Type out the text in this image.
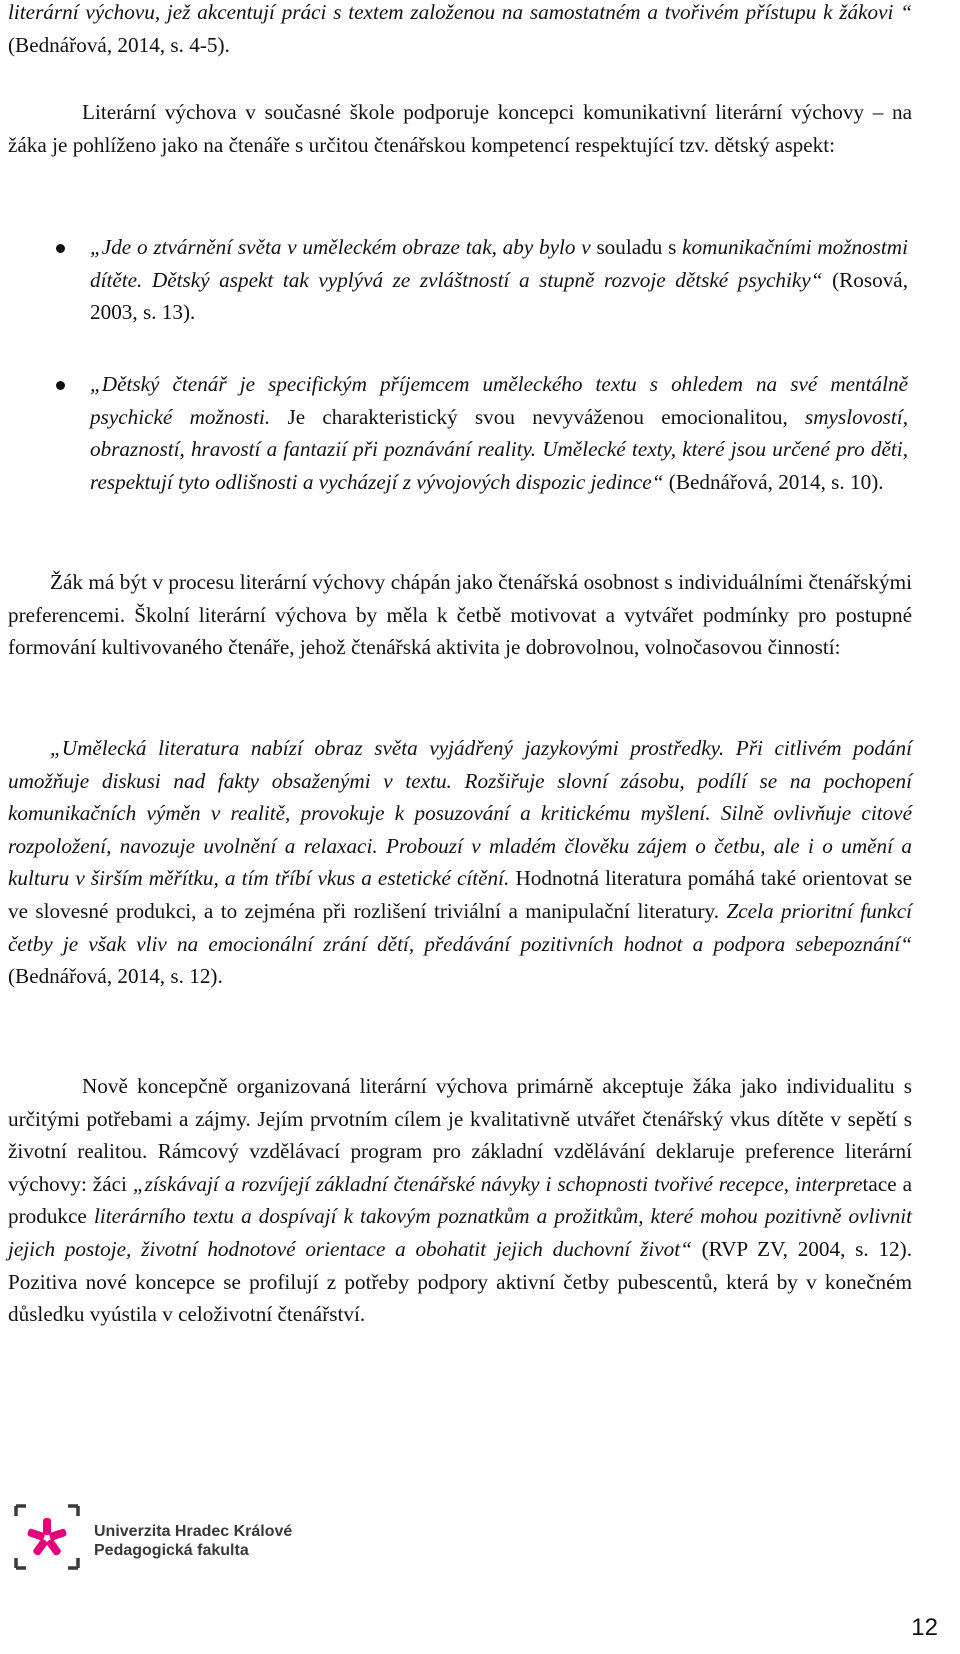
literární výchovu, jež akcentují práci s textem založenou na samostatném a tvořivém přístupu k žákovi “ (Bednářová, 2014, s. 4-5).

Literární výchova v současné škole podporuje koncepci komunikativní literární výchovy – na žáka je pohlíženo jako na čtenáře s určitou čtenářskou kompetencí respektující tzv. dětský aspekt:

„Jde o ztvárnění světa v uměleckém obraze tak, aby bylo v souladu s komunikačními možnostmi dítěte. Dětský aspekt tak vyplývá ze zvláštností a stupně rozvoje dětské psychiky“ (Rosová, 2003, s. 13).

„Dětský čtenář je specifickým příjemcem uměleckého textu s ohledem na své mentálně psychické možnosti. Je charakteristický svou nevyváženou emocionalitou, smyslovostí, obrazností, hravostí a fantazií při poznávání reality. Umělecké texty, které jsou určené pro děti, respektují tyto odlišnosti a vycházejí z vývojových dispozic jedince“ (Bednářová, 2014, s. 10).

Žák má být v procesu literární výchovy chápán jako čtenářská osobnost s individuálními čtenářskými preferencemi. Školní literární výchova by měla k četbě motivovat a vytvářet podmínky pro postupné formování kultivovaného čtenáře, jehož čtenářská aktivita je dobrovolnou, volnočasovou činností:

„Umělecká literatura nabízí obraz světa vyjádřený jazykovými prostředky. Při citlivém podání umožňuje diskusi nad fakty obsaženými v textu. Rozšiřuje slovní zásobu, podílí se na pochopení komunikačních výměn v realitě, provokuje k posuzování a kritickému myšlení. Silně ovlivňuje citové rozpoložení, navozuje uvolnění a relaxaci. Probouzí v mladém člověku zájem o četbu, ale i o umění a kulturu v širším měřítku, a tím tříbí vkus a estetické cítění. Hodnotná literatura pomáhá také orientovat se ve slovesné produkci, a to zejména při rozlišení triviální a manipulační literatury. Zcela prioritní funkcí četby je však vliv na emocionální zrání dětí, předávání pozitivních hodnot a podpora sebepoznání“ (Bednářová, 2014, s. 12).

Nově koncepčně organizovaná literární výchova primárně akceptuje žáka jako individualitu s určitými potřebami a zájmy. Jejím prvotním cílem je kvalitativně utvářet čtenářský vkus dítěte v sepětí s životní realitou. Rámcový vzdělávací program pro základní vzdělávání deklaruje preference literární výchovy: žáci „získávají a rozvíjejí základní čtenářské návyky i schopnosti tvořivé recepce, interpretace a produkce literárního textu a dospívají k takovým poznatkům a prožitkům, které mohou pozitivně ovlivnit jejich postoje, životní hodnotové orientace a obohatit jejich duchovní život“ (RVP ZV, 2004, s. 12). Pozitiva nové koncepce se profilují z potřeby podpory aktivní četby pubescentů, která by v konečném důsledku vyústila v celoživotní čtenářství.

Univerzita Hradec Králové
Pedagogická fakulta
12
